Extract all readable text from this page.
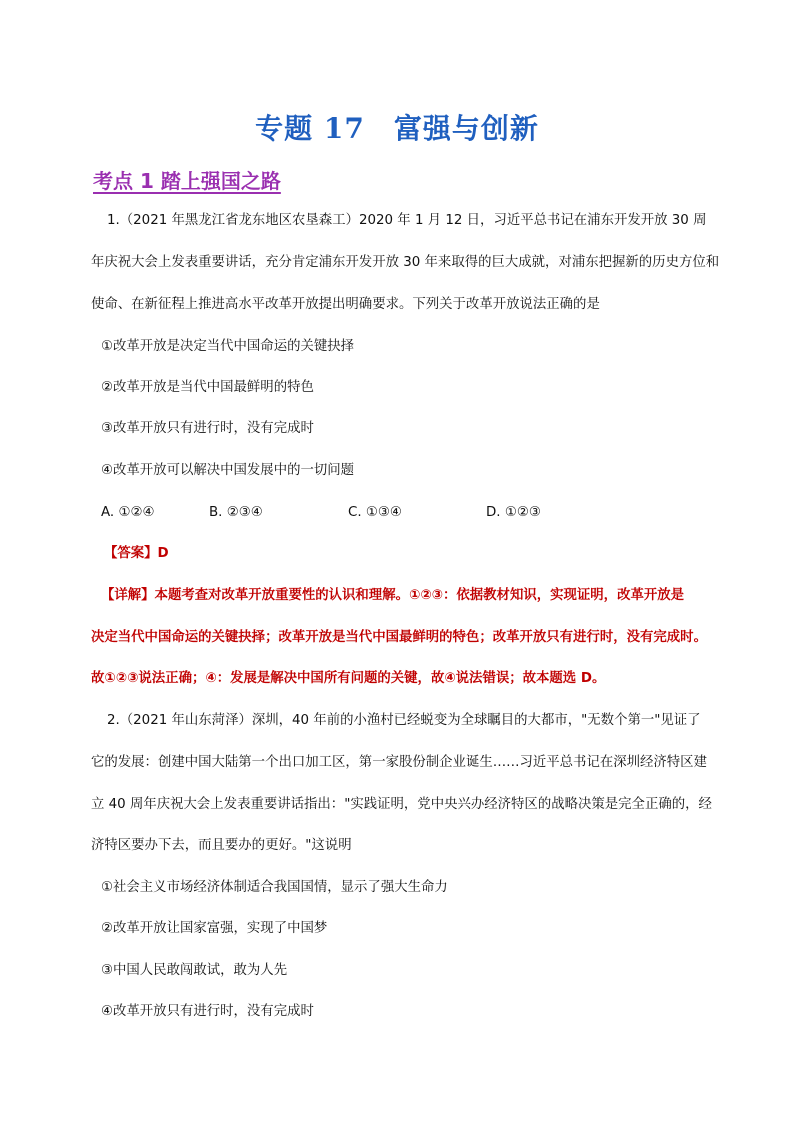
专题 17　富强与创新
考点 1 踏上强国之路
1.（2021 年黑龙江省龙东地区农垦森工）2020 年 1 月 12 日，习近平总书记在浦东开发开放 30 周
年庆祝大会上发表重要讲话，充分肯定浦东开发开放 30 年来取得的巨大成就，对浦东把握新的历史方位和
使命、在新征程上推进高水平改革开放提出明确要求。下列关于改革开放说法正确的是
①改革开放是决定当代中国命运的关键抉择
②改革开放是当代中国最鲜明的特色
③改革开放只有进行时，没有完成时
④改革开放可以解决中国发展中的一切问题
A. ①②④	B. ②③④	C. ①③④	D. ①②③
【答案】D
【详解】本题考查对改革开放重要性的认识和理解。①②③：依据教材知识，实现证明，改革开放是
决定当代中国命运的关键抉择；改革开放是当代中国最鲜明的特色；改革开放只有进行时，没有完成时。
故①②③说法正确；④：发展是解决中国所有问题的关键，故④说法错误；故本题选 D。
2.（2021 年山东菏泽）深圳，40 年前的小渔村已经蜕变为全球瞩目的大都市，"无数个第一"见证了
它的发展：创建中国大陆第一个出口加工区，第一家股份制企业诞生……习近平总书记在深圳经济特区建
立 40 周年庆祝大会上发表重要讲话指出："实践证明，党中央兴办经济特区的战略决策是完全正确的，经
济特区要办下去，而且要办的更好。"这说明
①社会主义市场经济体制适合我国国情，显示了强大生命力
②改革开放让国家富强，实现了中国梦
③中国人民敢闯敢试，敢为人先
④改革开放只有进行时，没有完成时
